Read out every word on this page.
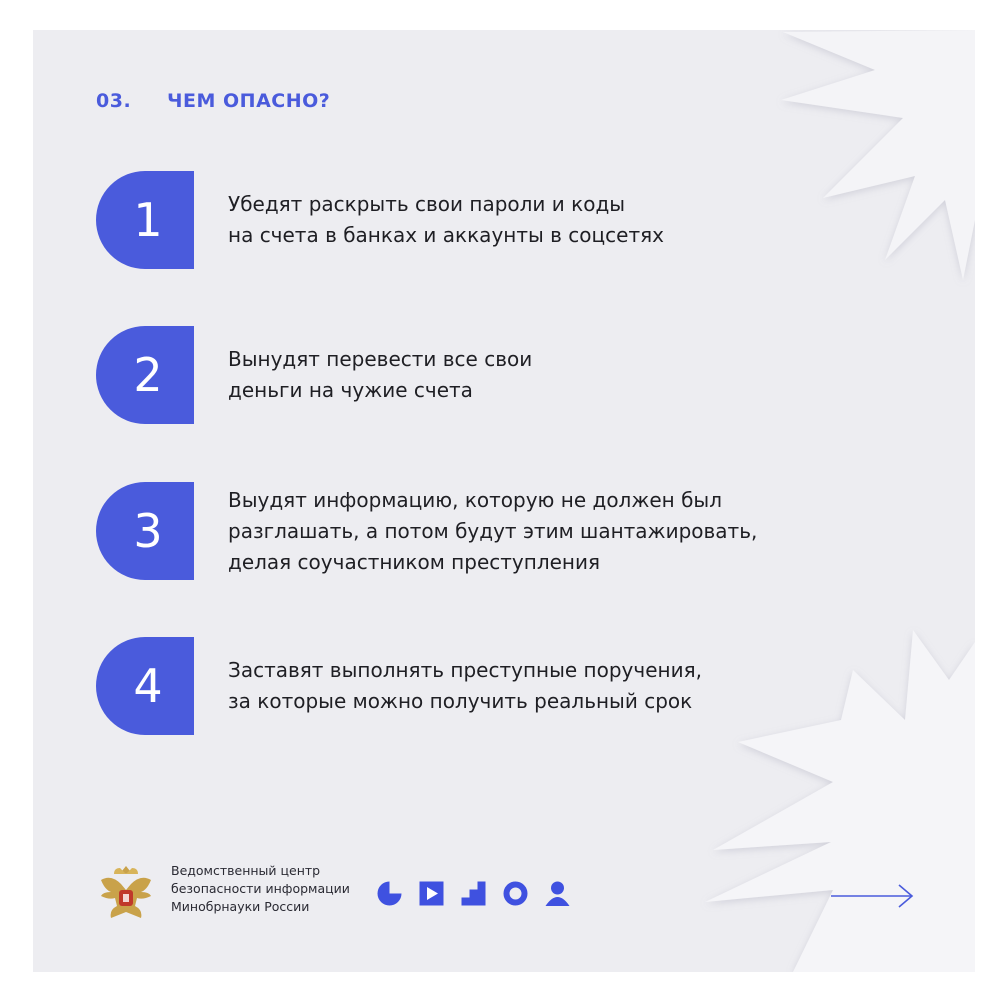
03. ЧЕМ ОПАСНО?
1	Убедят раскрыть свои пароли и коды
на счета в банках и аккаунты в соцсетях
2	Вынудят перевести все свои
деньги на чужие счета
3
Выудят информацию, которую не должен был
разглашать, а потом будут этим шантажировать,
делая соучастником преступления
4	Заставят выполнять преступные поручения,
за которые можно получить реальный срок
Ведомственный центр
безопасности информации
Минобрнауки России
